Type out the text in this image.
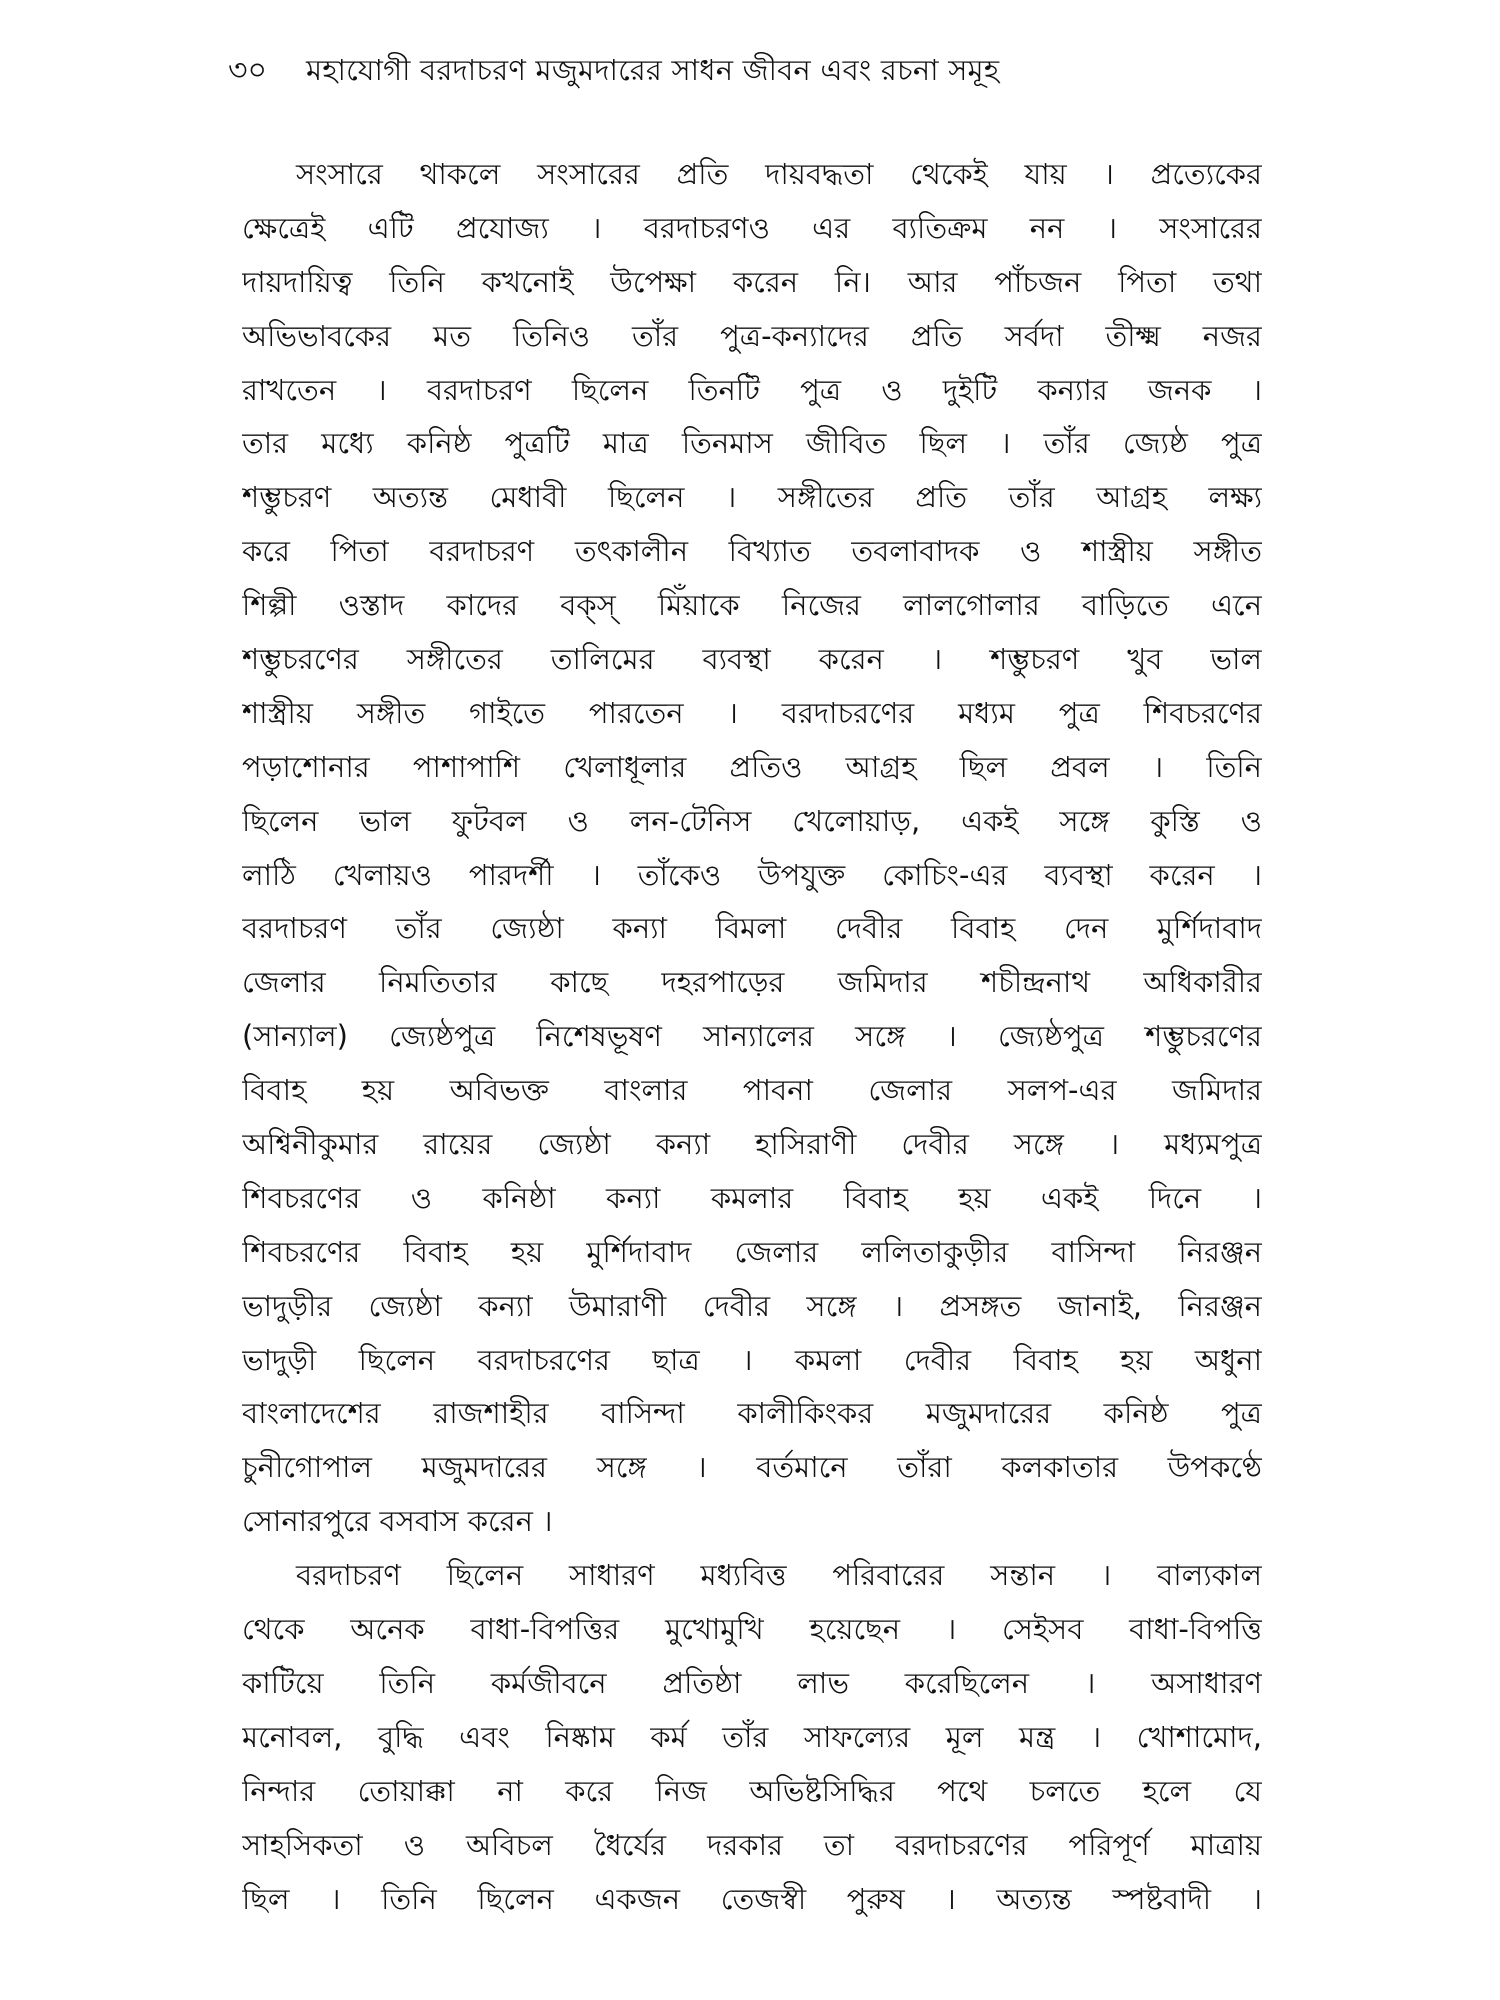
৩০	মহাযোগী বরদাচরণ মজুমদারের সাধন জীবন এবং রচনা সমূহ
সংসারে থাকলে সংসারের প্রতি দায়বদ্ধতা থেকেই যায় । প্রত্যেকের
ক্ষেত্রেই এটি প্রযোজ্য । বরদাচরণও এর ব্যতিক্রম নন । সংসারের
দায়দায়িত্ব তিনি কখনোই উপেক্ষা করেন নি। আর পাঁচজন পিতা তথা
অভিভাবকের মত তিনিও তাঁর পুত্র-কন্যাদের প্রতি সর্বদা তীক্ষ্ম নজর
রাখতেন । বরদাচরণ ছিলেন তিনটি পুত্র ও দুইটি কন্যার জনক ।
তার মধ্যে কনিষ্ঠ পুত্রটি মাত্র তিনমাস জীবিত ছিল । তাঁর জ্যেষ্ঠ পুত্র
শম্ভুচরণ অত্যন্ত মেধাবী ছিলেন । সঙ্গীতের প্রতি তাঁর আগ্রহ লক্ষ্য
করে পিতা বরদাচরণ তৎকালীন বিখ্যাত তবলাবাদক ও শাস্ত্রীয় সঙ্গীত
শিল্পী ওস্তাদ কাদের বক্স্ মিঁয়াকে নিজের লালগোলার বাড়িতে এনে
শম্ভুচরণের সঙ্গীতের তালিমের ব্যবস্থা করেন । শম্ভুচরণ খুব ভাল
শাস্ত্রীয় সঙ্গীত গাইতে পারতেন । বরদাচরণের মধ্যম পুত্র শিবচরণের
পড়াশোনার পাশাপাশি খেলাধূলার প্রতিও আগ্রহ ছিল প্রবল । তিনি
ছিলেন ভাল ফুটবল ও লন-টেনিস খেলোয়াড়, একই সঙ্গে কুস্তি ও
লাঠি খেলায়ও পারদর্শী । তাঁকেও উপযুক্ত কোচিং-এর ব্যবস্থা করেন ।
বরদাচরণ তাঁর জ্যেষ্ঠা কন্যা বিমলা দেবীর বিবাহ দেন মুর্শিদাবাদ
জেলার নিমতিতার কাছে দহরপাড়ের জমিদার শচীন্দ্রনাথ অধিকারীর
(সান্যাল) জ্যেষ্ঠপুত্র নিশেষভূষণ সান্যালের সঙ্গে । জ্যেষ্ঠপুত্র শম্ভুচরণের
বিবাহ হয় অবিভক্ত বাংলার পাবনা জেলার সলপ-এর জমিদার
অশ্বিনীকুমার রায়ের জ্যেষ্ঠা কন্যা হাসিরাণী দেবীর সঙ্গে । মধ্যমপুত্র
শিবচরণের ও কনিষ্ঠা কন্যা কমলার বিবাহ হয় একই দিনে ।
শিবচরণের বিবাহ হয় মুর্শিদাবাদ জেলার ললিতাকুড়ীর বাসিন্দা নিরঞ্জন
ভাদুড়ীর জ্যেষ্ঠা কন্যা উমারাণী দেবীর সঙ্গে । প্রসঙ্গত জানাই, নিরঞ্জন
ভাদুড়ী ছিলেন বরদাচরণের ছাত্র । কমলা দেবীর বিবাহ হয় অধুনা
বাংলাদেশের রাজশাহীর বাসিন্দা কালীকিংকর মজুমদারের কনিষ্ঠ পুত্র
চুনীগোপাল মজুমদারের সঙ্গে । বর্তমানে তাঁরা কলকাতার উপকণ্ঠে
সোনারপুরে বসবাস করেন ।
বরদাচরণ ছিলেন সাধারণ মধ্যবিত্ত পরিবারের সন্তান । বাল্যকাল
থেকে অনেক বাধা-বিপত্তির মুখোমুখি হয়েছেন । সেইসব বাধা-বিপত্তি
কাটিয়ে তিনি কর্মজীবনে প্রতিষ্ঠা লাভ করেছিলেন । অসাধারণ
মনোবল, বুদ্ধি এবং নিষ্কাম কর্ম তাঁর সাফল্যের মূল মন্ত্র । খোশামোদ,
নিন্দার তোয়াক্কা না করে নিজ অভিষ্টসিদ্ধির পথে চলতে হলে যে
সাহসিকতা ও অবিচল ধৈর্যের দরকার তা বরদাচরণের পরিপূর্ণ মাত্রায়
ছিল । তিনি ছিলেন একজন তেজস্বী পুরুষ । অত্যন্ত স্পষ্টবাদী ।
